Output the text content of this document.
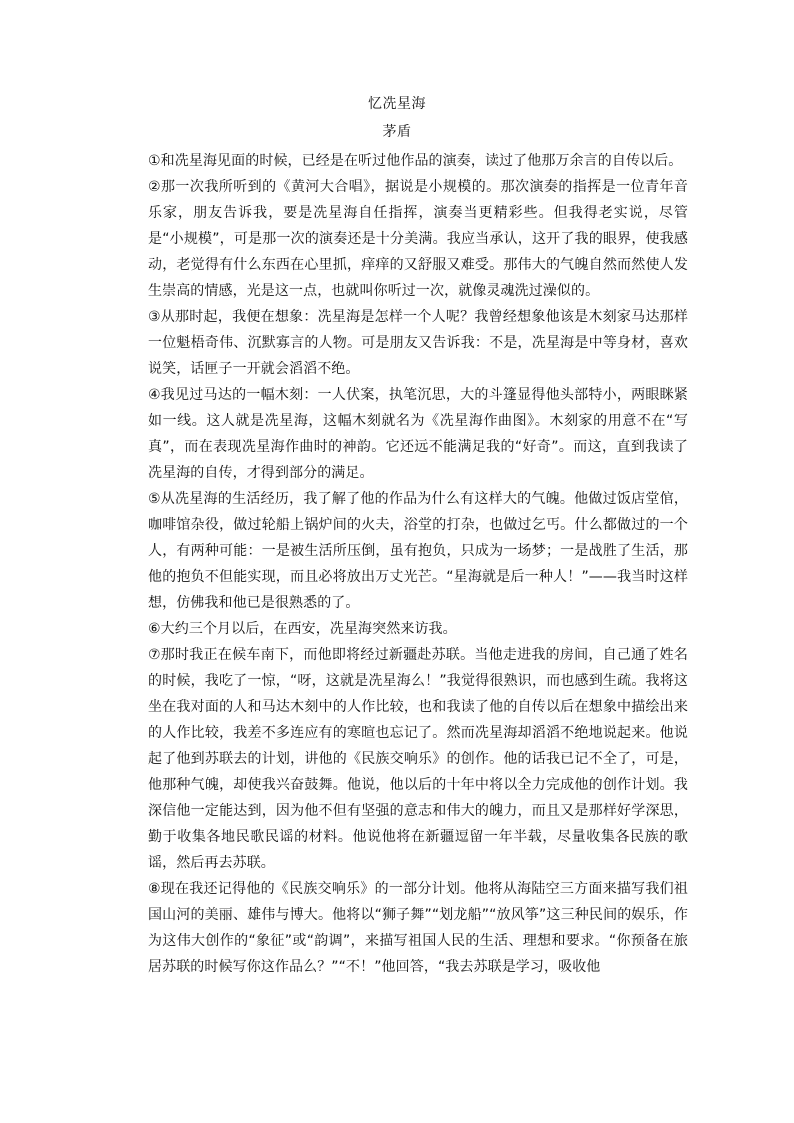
忆冼星海
茅盾

①和冼星海见面的时候，已经是在听过他作品的演奏，读过了他那万余言的自传以后。

②那一次我所听到的《黄河大合唱》，据说是小规模的。那次演奏的指挥是一位青年音乐家，朋友告诉我，要是冼星海自任指挥，演奏当更精彩些。但我得老实说，尽管是“小规模”，可是那一次的演奏还是十分美满。我应当承认，这开了我的眼界，使我感动，老觉得有什么东西在心里抓，痒痒的又舒服又难受。那伟大的气魄自然而然使人发生崇高的情感，光是这一点，也就叫你听过一次，就像灵魂洗过澡似的。

③从那时起，我便在想象：冼星海是怎样一个人呢？我曾经想象他该是木刻家马达那样一位魁梧奇伟、沉默寡言的人物。可是朋友又告诉我：不是，冼星海是中等身材，喜欢说笑，话匣子一开就会滔滔不绝。

④我见过马达的一幅木刻：一人伏案，执笔沉思，大的斗篷显得他头部特小，两眼眯紧如一线。这人就是冼星海，这幅木刻就名为《冼星海作曲图》。木刻家的用意不在“写真”，而在表现冼星海作曲时的神韵。它还远不能满足我的“好奇”。而这，直到我读了冼星海的自传，才得到部分的满足。

⑤从冼星海的生活经历，我了解了他的作品为什么有这样大的气魄。他做过饭店堂倌，咖啡馆杂役，做过轮船上锅炉间的火夫，浴堂的打杂，也做过乞丐。什么都做过的一个人，有两种可能：一是被生活所压倒，虽有抱负，只成为一场梦；一是战胜了生活，那他的抱负不但能实现，而且必将放出万丈光芒。“星海就是后一种人！”——我当时这样想，仿佛我和他已是很熟悉的了。

⑥大约三个月以后，在西安，冼星海突然来访我。

⑦那时我正在候车南下，而他即将经过新疆赴苏联。当他走进我的房间，自己通了姓名的时候，我吃了一惊，“呀，这就是冼星海么！”我觉得很熟识，而也感到生疏。我将这坐在我对面的人和马达木刻中的人作比较，也和我读了他的自传以后在想象中描绘出来的人作比较，我差不多连应有的寒暄也忘记了。然而冼星海却滔滔不绝地说起来。他说起了他到苏联去的计划，讲他的《民族交响乐》的创作。他的话我已记不全了，可是，他那种气魄，却使我兴奋鼓舞。他说，他以后的十年中将以全力完成他的创作计划。我深信他一定能达到，因为他不但有坚强的意志和伟大的魄力，而且又是那样好学深思，勤于收集各地民歌民谣的材料。他说他将在新疆逗留一年半载，尽量收集各民族的歌谣，然后再去苏联。

⑧现在我还记得他的《民族交响乐》的一部分计划。他将从海陆空三方面来描写我们祖国山河的美丽、雄伟与博大。他将以“狮子舞”“划龙船”“放风筝”这三种民间的娱乐，作为这伟大创作的“象征”或“韵调”，来描写祖国人民的生活、理想和要求。“你预备在旅居苏联的时候写你这作品么？”“不！”他回答，“我去苏联是学习，吸收他
